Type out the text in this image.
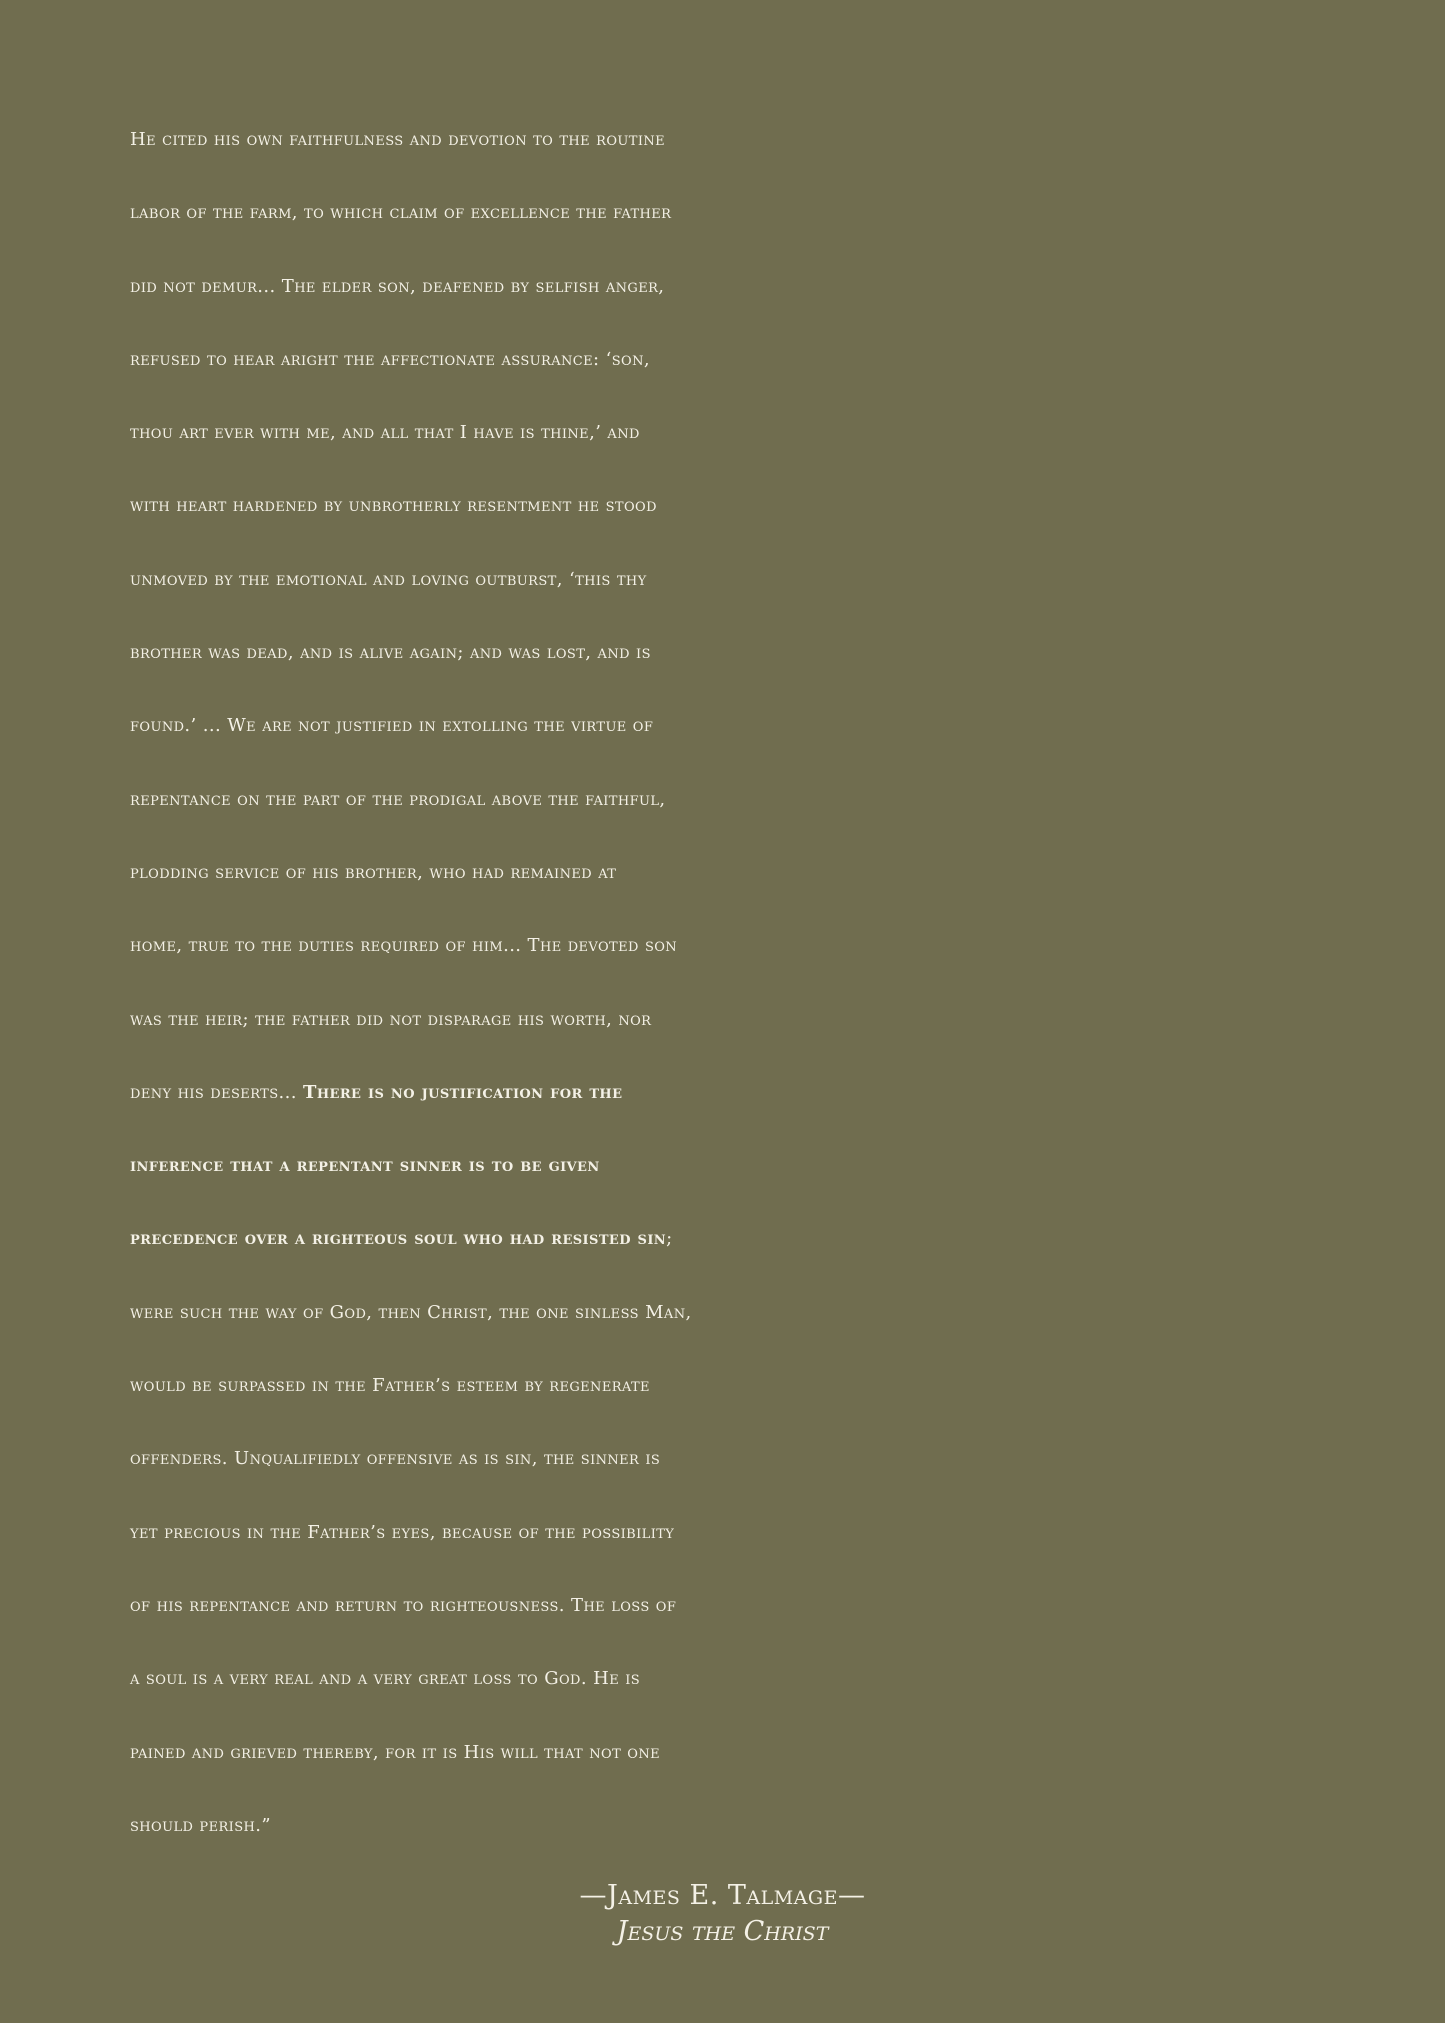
He cited his own faithfulness and devotion to the routine
labor of the farm, to which claim of excellence the father
did not demur... The elder son, deafened by selfish anger,
refused to hear aright the affectionate assurance: ‘son,
thou art ever with me, and all that I have is thine,’ and
with heart hardened by unbrotherly resentment he stood
unmoved by the emotional and loving outburst, ‘this thy
brother was dead, and is alive again; and was lost, and is
found.’ ... We are not justified in extolling the virtue of
repentance on the part of the prodigal above the faithful,
plodding service of his brother, who had remained at
home, true to the duties required of him... The devoted son
was the heir; the father did not disparage his worth, nor
deny his deserts... There is no justification for the
inference that a repentant sinner is to be given
precedence over a righteous soul who had resisted sin;
were such the way of God, then Christ, the one sinless Man,
would be surpassed in the Father’s esteem by regenerate
offenders. Unqualifiedly offensive as is sin, the sinner is
yet precious in the Father’s eyes, because of the possibility
of his repentance and return to righteousness. The loss of
a soul is a very real and a very great loss to God. He is
pained and grieved thereby, for it is His will that not one
should perish.”
—James E. Talmage—
Jesus the Christ
